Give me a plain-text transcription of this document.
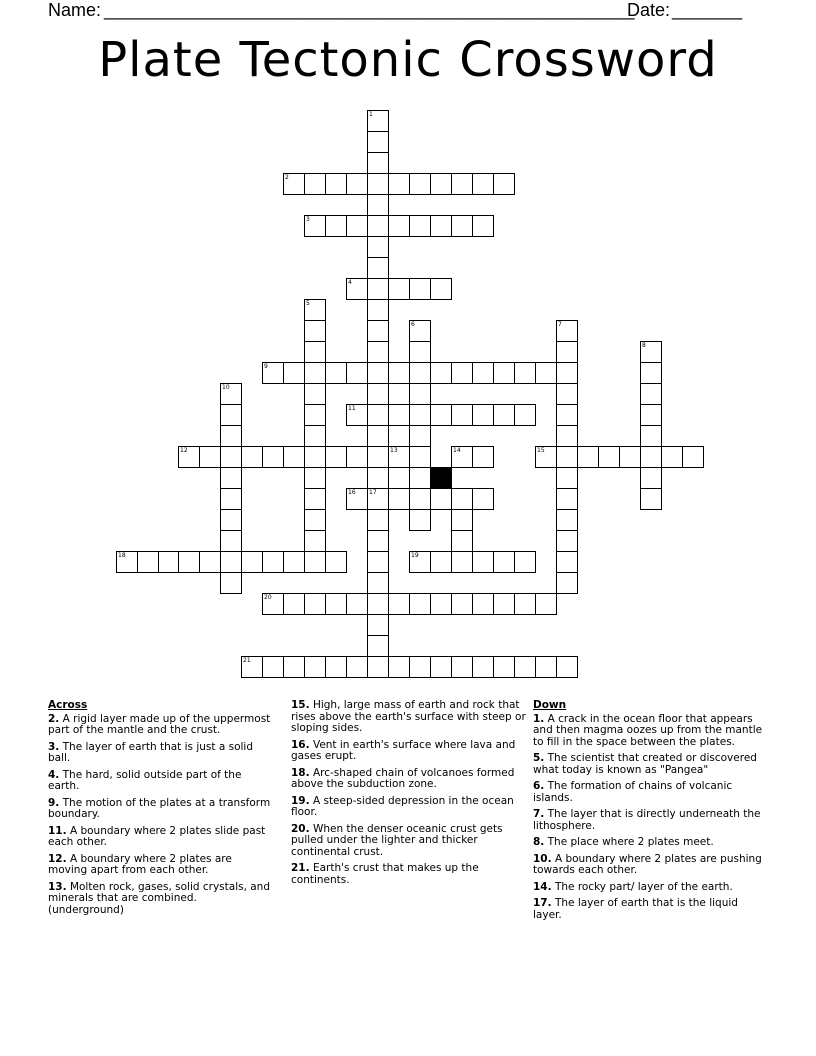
Name: _____________________________________________________
Date: _______
Plate Tectonic Crossword
1
2
3
4
5
6	7
8
9
10
11
12	13	14	15
16 17
18	19
20
21
Across
2. A rigid layer made up of the uppermost part of the mantle and the crust.
3. The layer of earth that is just a solid ball.
4. The hard, solid outside part of the earth.
9. The motion of the plates at a transform boundary.
11. A boundary where 2 plates slide past each other.
12. A boundary where 2 plates are moving apart from each other.
13. Molten rock, gases, solid crystals, and minerals that are combined. (underground)
15. High, large mass of earth and rock that rises above the earth's surface with steep or sloping sides.
16. Vent in earth's surface where lava and gases erupt.
18. Arc-shaped chain of volcanoes formed above the subduction zone.
19. A steep-sided depression in the ocean floor.
20. When the denser oceanic crust gets pulled under the lighter and thicker continental crust.
21. Earth's crust that makes up the continents.
Down
1. A crack in the ocean floor that appears and then magma oozes up from the mantle to fill in the space between the plates.
5. The scientist that created or discovered what today is known as "Pangea"
6. The formation of chains of volcanic islands.
7. The layer that is directly underneath the lithosphere.
8. The place where 2 plates meet.
10. A boundary where 2 plates are pushing towards each other.
14. The rocky part/ layer of the earth.
17. The layer of earth that is the liquid layer.
